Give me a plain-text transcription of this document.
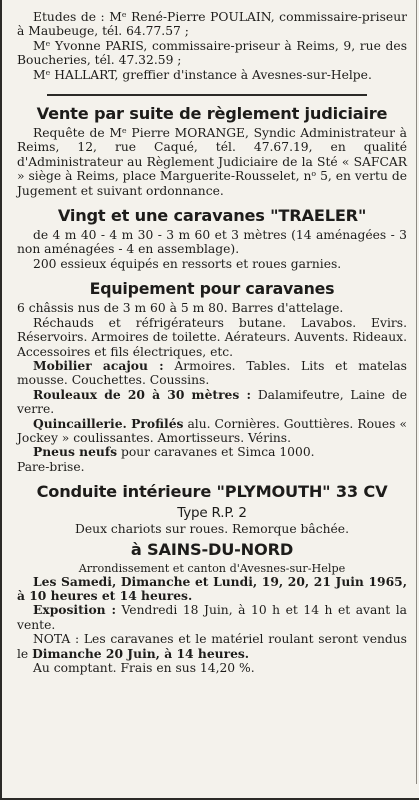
Etudes de : Mᵉ René-Pierre POULAIN, commissaire-priseur à Maubeuge, tél. 64.77.57 ;

Mᵉ Yvonne PARIS, commissaire-priseur à Reims, 9, rue des Boucheries, tél. 47.32.59 ;

Mᵉ HALLART, greffier d'instance à Avesnes-sur-Helpe.

Vente par suite de règlement judiciaire

Requête de Mᵉ Pierre MORANGE, Syndic Administrateur à Reims, 12, rue Caqué, tél. 47.67.19, en qualité d'Administrateur au Règlement Judiciaire de la Sté « SAFCAR » siège à Reims, place Marguerite-Rousselet, nᵒ 5, en vertu de Jugement et suivant ordonnance.

Vingt et une caravanes "TRAELER"

de 4 m 40 - 4 m 30 - 3 m 60 et 3 mètres (14 aménagées - 3 non aménagées - 4 en assemblage).

200 essieux équipés en ressorts et roues garnies.

Equipement pour caravanes

6 châssis nus de 3 m 60 à 5 m 80. Barres d'attelage.

Réchauds et réfrigérateurs butane. Lavabos. Evirs. Réservoirs. Armoires de toilette. Aérateurs. Auvents. Rideaux. Accessoires et fils électriques, etc.

Mobilier acajou : Armoires. Tables. Lits et matelas mousse. Couchettes. Coussins.

Rouleaux de 20 à 30 mètres : Dalamifeutre, Laine de verre.

Quincaillerie. Profilés alu. Cornières. Gouttières. Roues « Jockey » coulissantes. Amortisseurs. Vérins.

Pneus neufs pour caravanes et Simca 1000.

Pare-brise.

Conduite intérieure "PLYMOUTH" 33 CV
Type R.P. 2

Deux chariots sur roues. Remorque bâchée.

à SAINS-DU-NORD

Arrondissement et canton d'Avesnes-sur-Helpe

Les Samedi, Dimanche et Lundi, 19, 20, 21 Juin 1965, à 10 heures et 14 heures.

Exposition : Vendredi 18 Juin, à 10 h et 14 h et avant la vente.

NOTA : Les caravanes et le matériel roulant seront vendus le Dimanche 20 Juin, à 14 heures.

Au comptant. Frais en sus 14,20 %.
